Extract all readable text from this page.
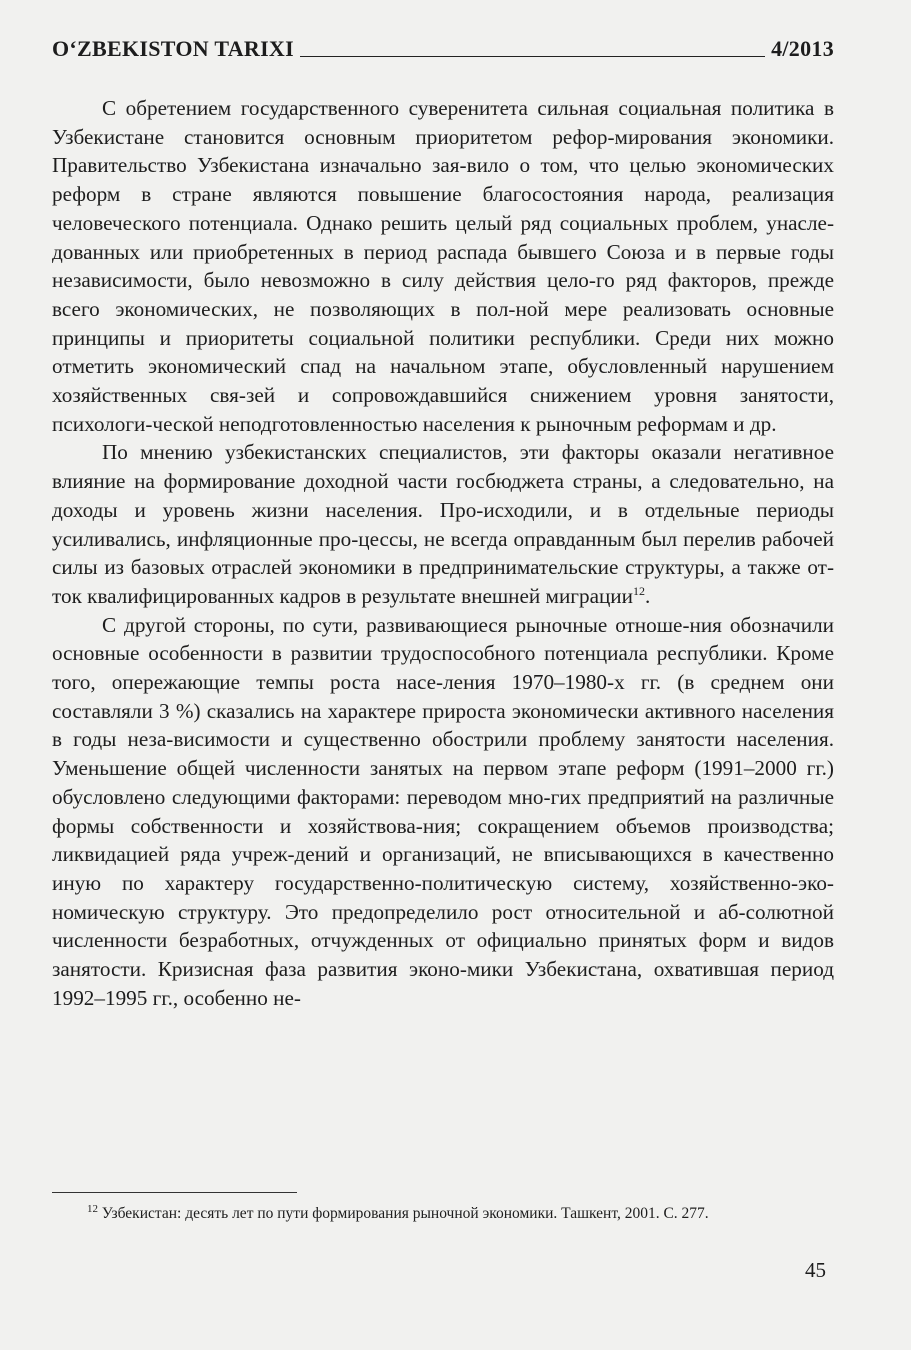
O‘ZBEKISTON TARIXI	4/2013

С обретением государственного суверенитета сильная социальная политика в Узбекистане становится основным приоритетом рефор-мирования экономики. Правительство Узбекистана изначально зая-вило о том, что целью экономических реформ в стране являются повышение благосостояния народа, реализация человеческого потенциала. Однако решить целый ряд социальных проблем, унасле-дованных или приобретенных в период распада бывшего Союза и в первые годы независимости, было невозможно в силу действия цело-го ряд факторов, прежде всего экономических, не позволяющих в пол-ной мере реализовать основные принципы и приоритеты социальной политики республики. Среди них можно отметить экономический спад на начальном этапе, обусловленный нарушением хозяйственных свя-зей и сопровождавшийся снижением уровня занятости, психологи-ческой неподготовленностью населения к рыночным реформам и др.

По мнению узбекистанских специалистов, эти факторы оказали негативное влияние на формирование доходной части госбюджета страны, а следовательно, на доходы и уровень жизни населения. Про-исходили, и в отдельные периоды усиливались, инфляционные про-цессы, не всегда оправданным был перелив рабочей силы из базовых отраслей экономики в предпринимательские структуры, а также от-ток квалифицированных кадров в результате внешней миграции$^{12}$.

С другой стороны, по сути, развивающиеся рыночные отноше-ния обозначили основные особенности в развитии трудоспособного потенциала республики. Кроме того, опережающие темпы роста насе-ления 1970–1980-х гг. (в среднем они составляли 3 %) сказались на характере прироста экономически активного населения в годы неза-висимости и существенно обострили проблему занятости населения. Уменьшение общей численности занятых на первом этапе реформ (1991–2000 гг.) обусловлено следующими факторами: переводом мно-гих предприятий на различные формы собственности и хозяйствова-ния; сокращением объемов производства; ликвидацией ряда учреж-дений и организаций, не вписывающихся в качественно иную по характеру государственно-политическую систему, хозяйственно-эко-номическую структуру. Это предопределило рост относительной и аб-солютной численности безработных, отчужденных от официально принятых форм и видов занятости. Кризисная фаза развития эконо-мики Узбекистана, охватившая период 1992–1995 гг., особенно не-

$^{12}$ Узбекистан: десять лет по пути формирования рыночной экономики. Ташкент, 2001. С. 277.
45
